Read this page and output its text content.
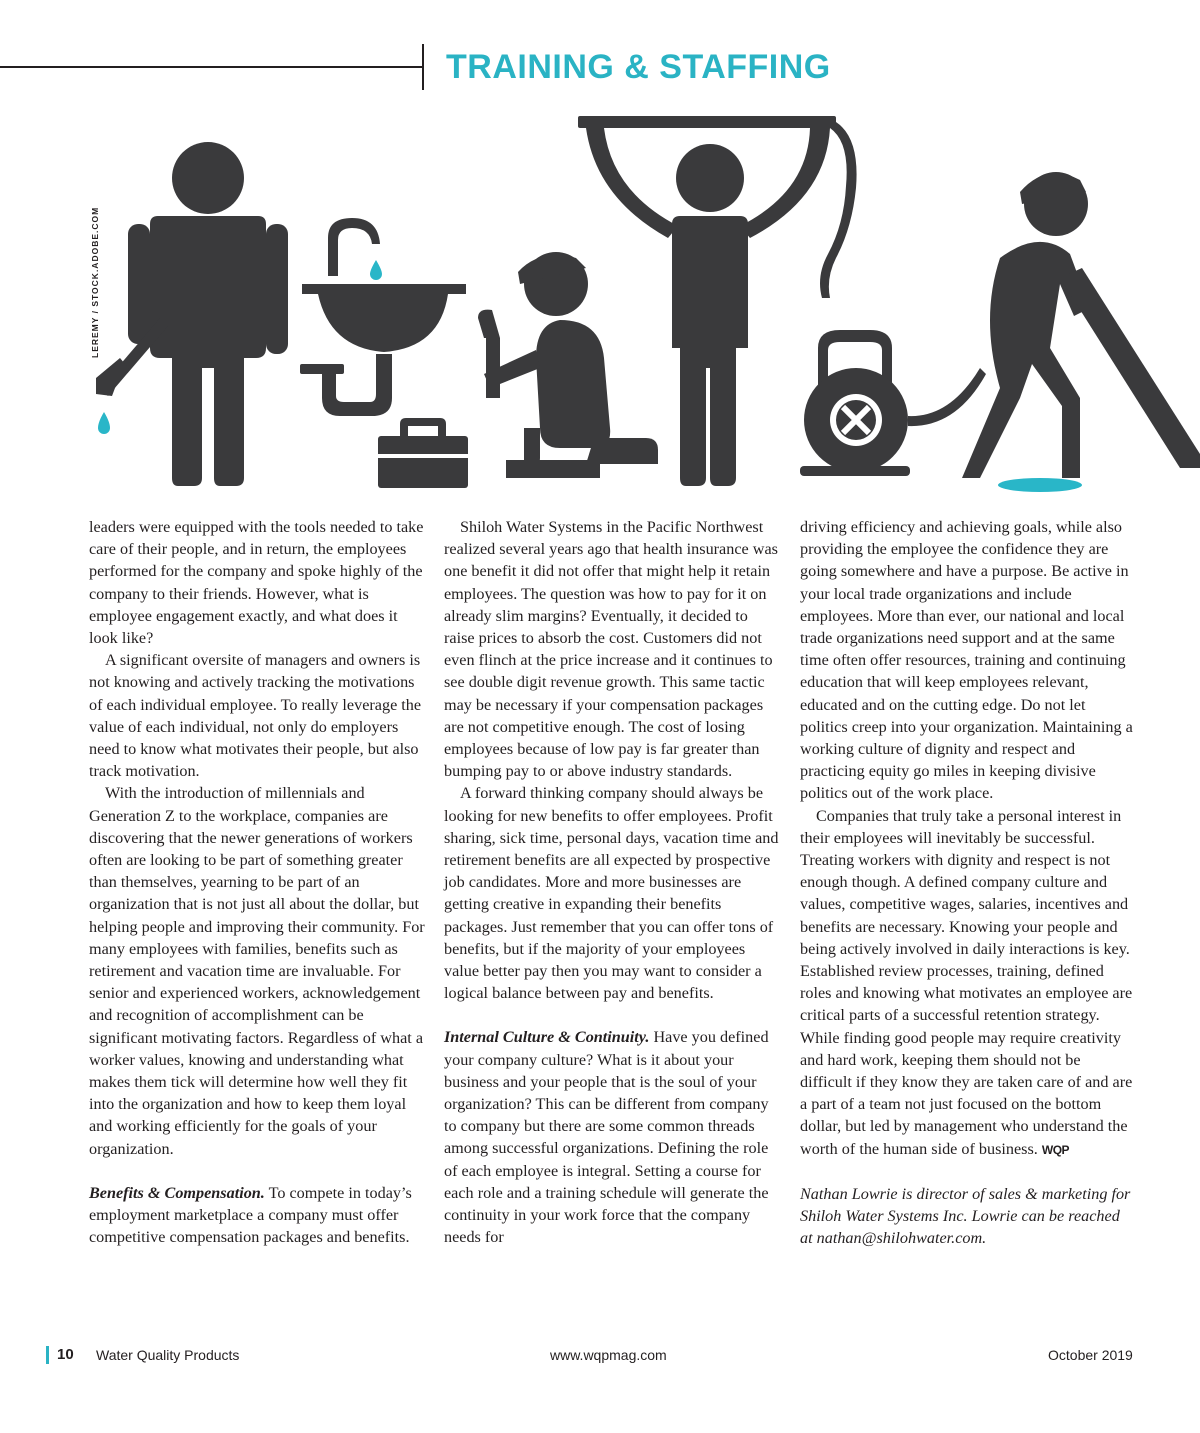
TRAINING & STAFFING
LEREMY / STOCK.ADOBE.COM

leaders were equipped with the tools needed to take care of their people, and in return, the employees performed for the company and spoke highly of the company to their friends. However, what is employee engagement exactly, and what does it look like?

A significant oversite of managers and owners is not knowing and actively tracking the motivations of each individual employee. To really leverage the value of each individual, not only do employers need to know what motivates their people, but also track motivation.

With the introduction of millennials and Generation Z to the workplace, companies are discovering that the newer generations of workers often are looking to be part of something greater than themselves, yearning to be part of an organization that is not just all about the dollar, but helping people and improving their community. For many employees with families, benefits such as retirement and vacation time are invaluable. For senior and experienced workers, acknowledgement and recognition of accomplishment can be significant motivating factors. Regardless of what a worker values, knowing and understanding what makes them tick will determine how well they fit into the organization and how to keep them loyal and working efficiently for the goals of your organization.

Benefits & Compensation. To compete in today’s employment marketplace a company must offer competitive compensation packages and benefits.

Shiloh Water Systems in the Pacific Northwest realized several years ago that health insurance was one benefit it did not offer that might help it retain employees. The question was how to pay for it on already slim margins? Eventually, it decided to raise prices to absorb the cost. Customers did not even flinch at the price increase and it continues to see double digit revenue growth. This same tactic may be necessary if your compensation packages are not competitive enough. The cost of losing employees because of low pay is far greater than bumping pay to or above industry standards.

A forward thinking company should always be looking for new benefits to offer employees. Profit sharing, sick time, personal days, vacation time and retirement benefits are all expected by prospective job candidates. More and more businesses are getting creative in expanding their benefits packages. Just remember that you can offer tons of benefits, but if the majority of your employees value better pay then you may want to consider a logical balance between pay and benefits.

Internal Culture & Continuity. Have you defined your company culture? What is it about your business and your people that is the soul of your organization? This can be different from company to company but there are some common threads among successful organizations. Defining the role of each employee is integral. Setting a course for each role and a training schedule will generate the continuity in your work force that the company needs for

driving efficiency and achieving goals, while also providing the employee the confidence they are going somewhere and have a purpose. Be active in your local trade organizations and include employees. More than ever, our national and local trade organizations need support and at the same time often offer resources, training and continuing education that will keep employees relevant, educated and on the cutting edge. Do not let politics creep into your organization. Maintaining a working culture of dignity and respect and practicing equity go miles in keeping divisive politics out of the work place.

Companies that truly take a personal interest in their employees will inevitably be successful. Treating workers with dignity and respect is not enough though. A defined company culture and values, competitive wages, salaries, incentives and benefits are necessary. Knowing your people and being actively involved in daily interactions is key. Established review processes, training, defined roles and knowing what motivates an employee are critical parts of a successful retention strategy. While finding good people may require creativity and hard work, keeping them should not be difficult if they know they are taken care of and are a part of a team not just focused on the bottom dollar, but led by management who understand the worth of the human side of business. WQP

Nathan Lowrie is director of sales & marketing for Shiloh Water Systems Inc. Lowrie can be reached at nathan@shilohwater.com.

10 Water Quality Products	www.wqpmag.com	October 2019
